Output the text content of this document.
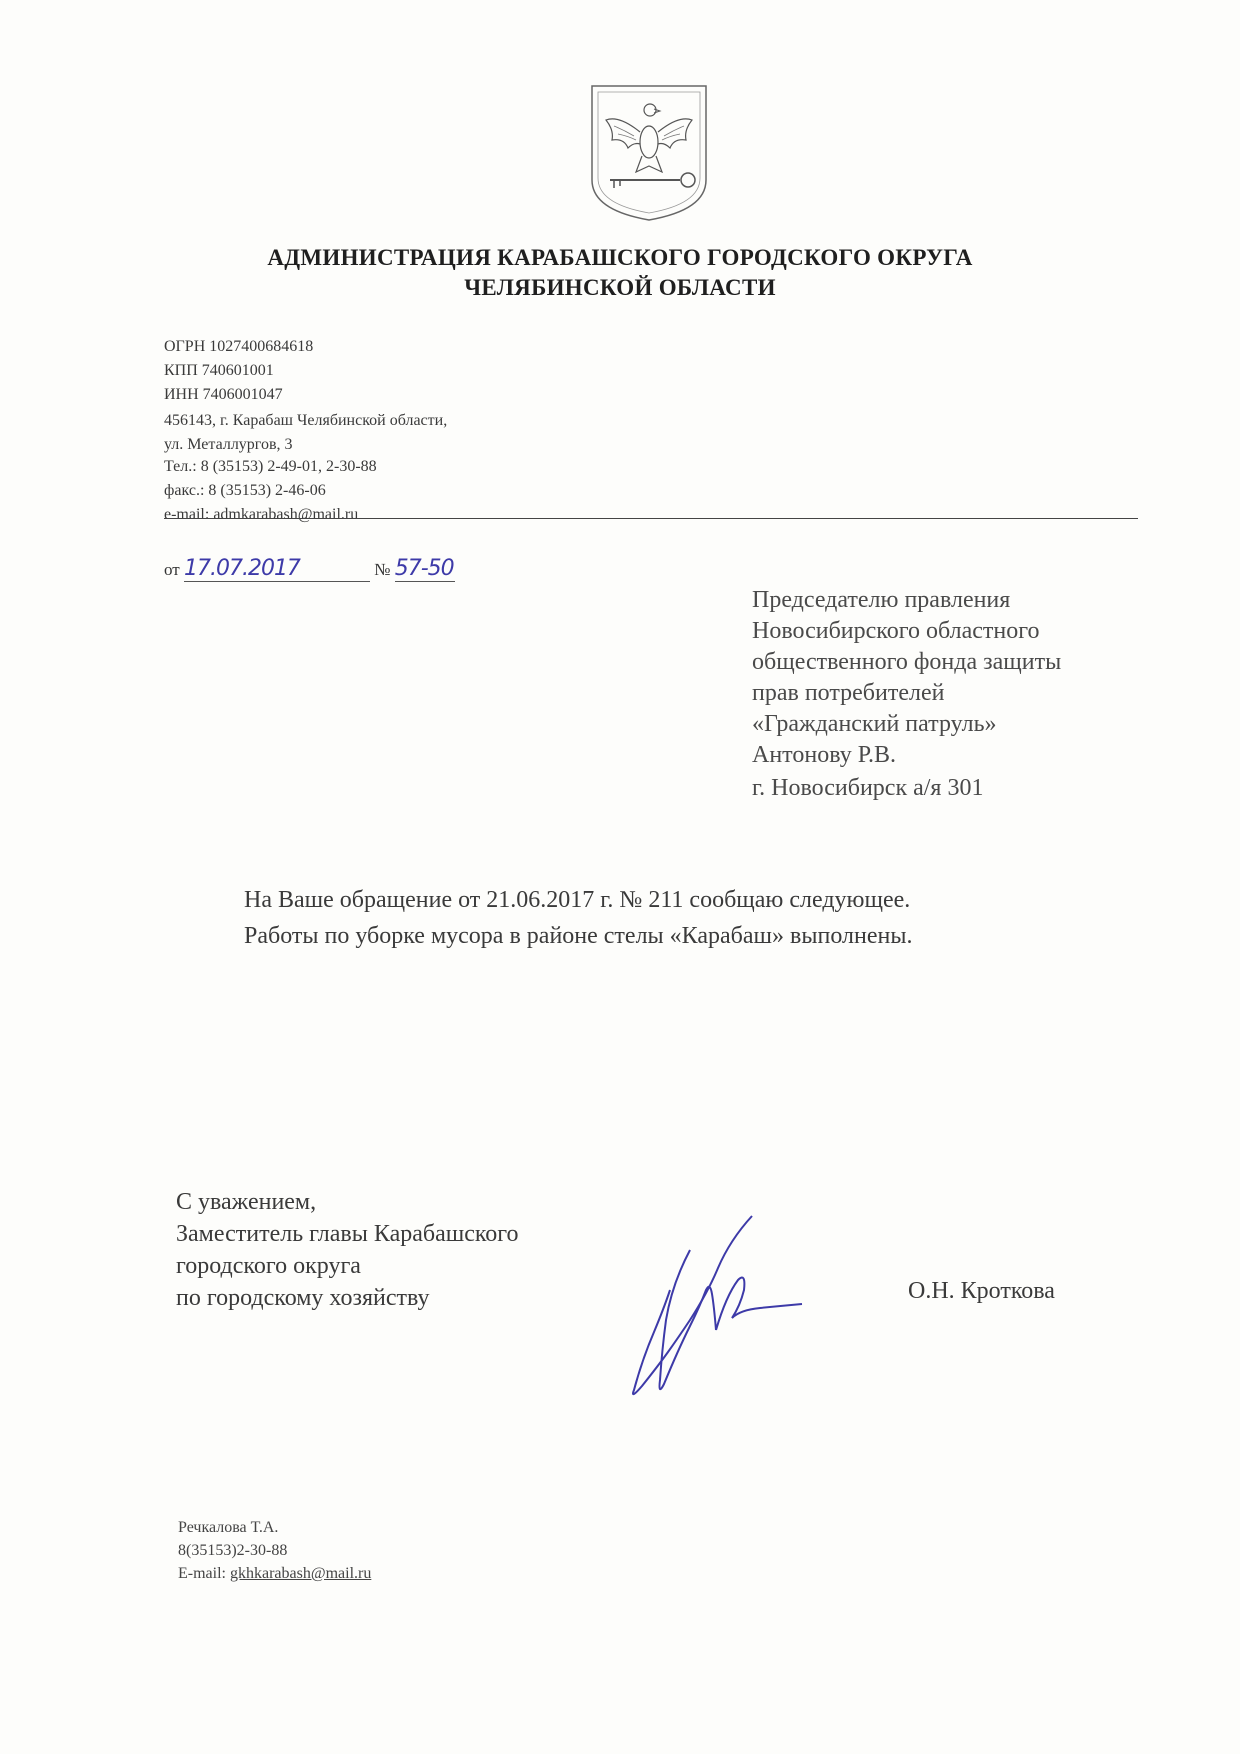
АДМИНИСТРАЦИЯ КАРАБАШСКОГО ГОРОДСКОГО ОКРУГА
ЧЕЛЯБИНСКОЙ ОБЛАСТИ
ОГРН 1027400684618
КПП 740601001
ИНН 7406001047
456143, г. Карабаш Челябинской области,
ул. Металлургов, 3
Тел.: 8 (35153) 2-49-01, 2-30-88
факс.: 8 (35153) 2-46-06
e-mail: admkarabash@mail.ru
от 17.07.2017	№ 57-50
Председателю правления
Новосибирского областного
общественного фонда защиты
прав потребителей
«Гражданский патруль»
Антонову Р.В.
г. Новосибирск а/я 301
На Ваше обращение от 21.06.2017 г. № 211 сообщаю следующее.
Работы по уборке мусора в районе стелы «Карабаш» выполнены.
С уважением,
Заместитель главы Карабашского
городского округа
по городскому хозяйству	О.Н. Кроткова
Речкалова Т.А.
8(35153)2-30-88
E-mail: gkhkarabash@mail.ru
